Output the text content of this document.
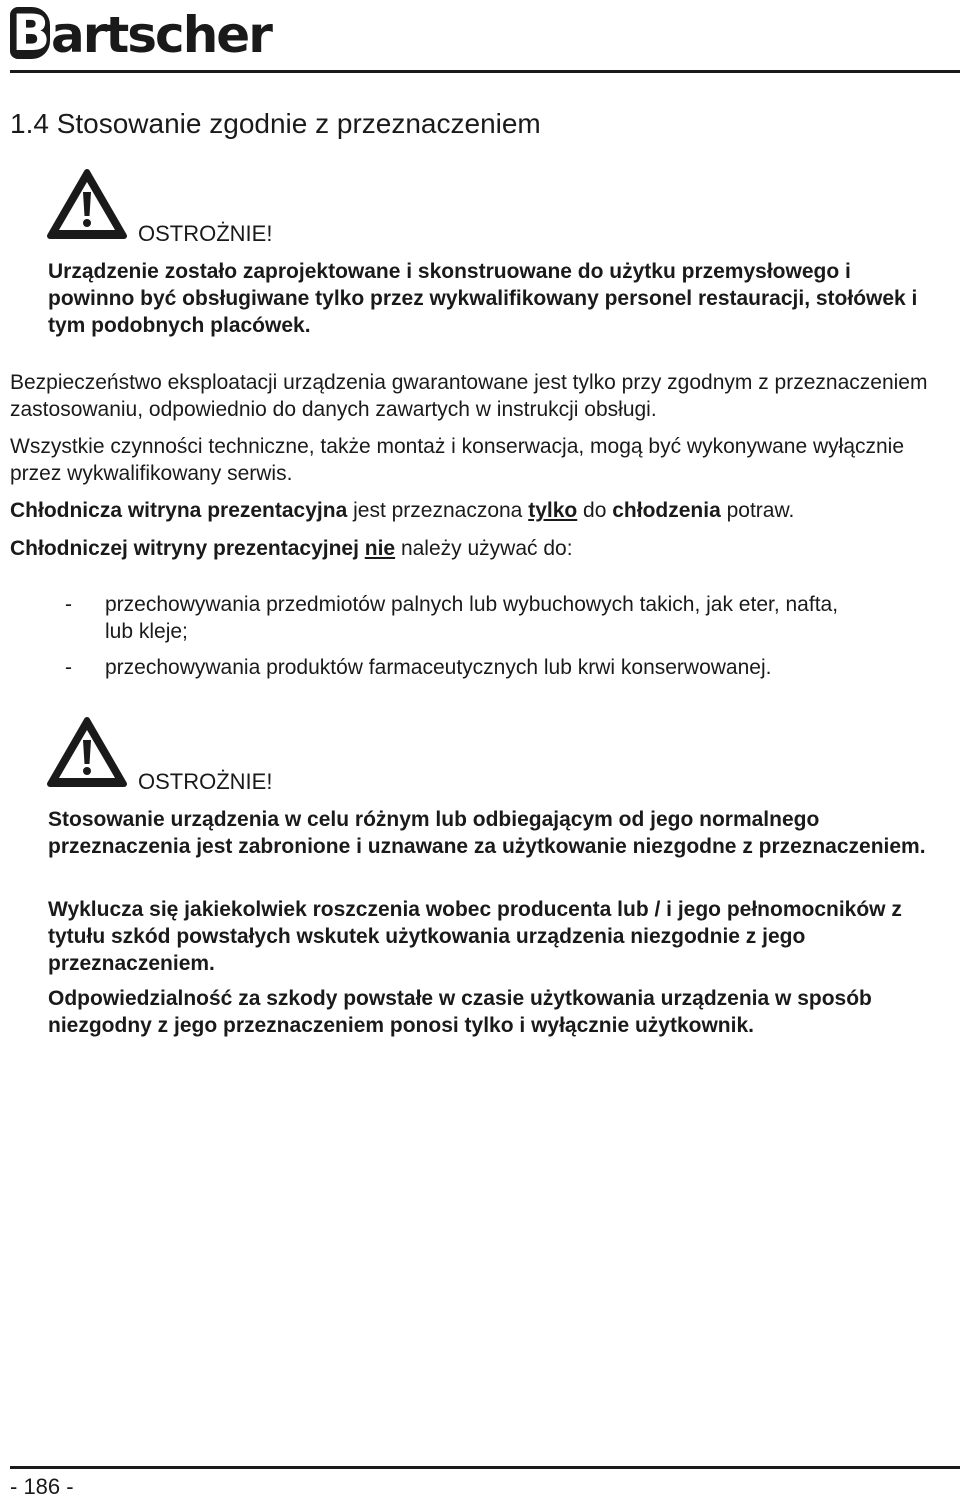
Bartscher
1.4 Stosowanie zgodnie z przeznaczeniem
OSTROŻNIE!

Urządzenie zostało zaprojektowane i skonstruowane do użytku przemysłowego i powinno być obsługiwane tylko przez wykwalifikowany personel restauracji, stołówek i tym podobnych placówek.

Bezpieczeństwo eksploatacji urządzenia gwarantowane jest tylko przy zgodnym z przeznaczeniem zastosowaniu, odpowiednio do danych zawartych w instrukcji obsługi.

Wszystkie czynności techniczne, także montaż i konserwacja, mogą być wykonywane wyłącznie przez wykwalifikowany serwis.

Chłodnicza witryna prezentacyjna jest przeznaczona tylko do chłodzenia potraw.

Chłodniczej witryny prezentacyjnej nie należy używać do:

- przechowywania przedmiotów palnych lub wybuchowych takich, jak eter, nafta, lub kleje;
- przechowywania produktów farmaceutycznych lub krwi konserwowanej.
OSTROŻNIE!

Stosowanie urządzenia w celu różnym lub odbiegającym od jego normalnego przeznaczenia jest zabronione i uznawane za użytkowanie niezgodne z przeznaczeniem.

Wyklucza się jakiekolwiek roszczenia wobec producenta lub / i jego pełnomocników z tytułu szkód powstałych wskutek użytkowania urządzenia niezgodnie z jego przeznaczeniem.

Odpowiedzialność za szkody powstałe w czasie użytkowania urządzenia w sposób niezgodny z jego przeznaczeniem ponosi tylko i wyłącznie użytkownik.

- 186 -
